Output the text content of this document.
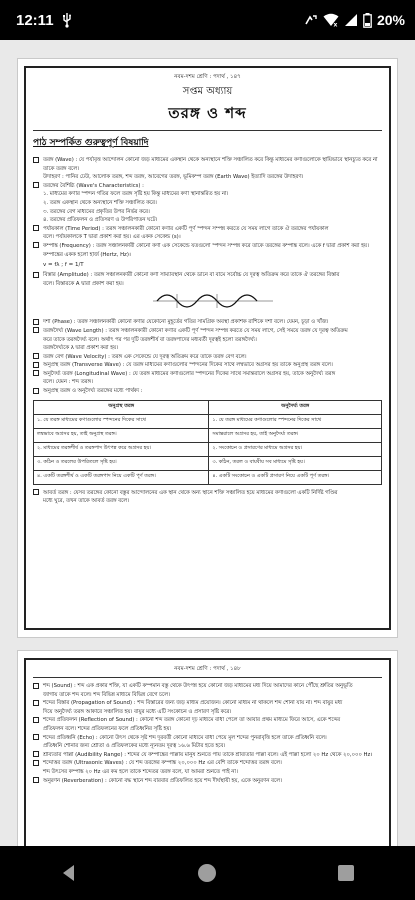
12:11	x	20%
নবম-দশম শ্রেণি : পদার্থ , ১৪৭
সপ্তম অধ্যায়
তরঙ্গ ও শব্দ
পাঠ সম্পর্কিত গুরুত্বপূর্ণ বিষয়াদি
তরঙ্গ (Wave) : যে পর্যাবৃত্ত আন্দোলন কোনো জড় মাধ্যমের একস্থান থেকে অন্যস্থানে শক্তি সঞ্চালিত করে কিন্তু মাধ্যমের কণাগুলোকে স্থায়িভাবে স্থানচ্যুত করে না
তাকে তরঙ্গ বলে।
উদাহরণ : পানির ঢেউ, আলোক তরঙ্গ, শব্দ তরঙ্গ, আবেগের তরঙ্গ, ভূমিকম্প তরঙ্গ (Earth Wave) ইত্যাদি তরঙ্গের উদাহরণ।
তরঙ্গের বৈশিষ্ট্য (Wave's Characteristics) :
১. মাধ্যমের কণার স্পন্দন গতির ফলে তরঙ্গ সৃষ্টি হয় কিন্তু মাধ্যমের কণা স্থানান্তরিত হয় না।
২. তরঙ্গ একস্থান থেকে অন্যস্থানে শক্তি সঞ্চালিত করে।
৩. তরঙ্গের বেগ মাধ্যমের প্রকৃতির উপর নির্ভর করে।
৪. তরঙ্গের প্রতিফলন ও প্রতিসরণ ও উপরিপাতন ঘটে।
পর্যায়কাল (Time Period) : তরঙ্গ সঞ্চালনকারী কোনো কণার একটি পূর্ণ স্পন্দন সম্পন্ন করতে যে সময় লাগে তাকে ঐ তরঙ্গের পর্যায়কাল
বলে। পর্যায়কালকে T দ্বারা প্রকাশ করা হয়। এর একক সেকেন্ড (s)।
কম্পাঙ্ক (Frequency) : তরঙ্গ সঞ্চালনকারী কোনো কণা এক সেকেন্ডে যতগুলো স্পন্দন সম্পন্ন করে তাকে তরঙ্গের কম্পাঙ্ক বলে। একে f দ্বারা প্রকাশ করা হয়।
কম্পাঙ্কের একক হলো হার্জ (Hertz, Hz)।
v = fλ ; f = 1/T
বিস্তার (Amplitude) : তরঙ্গ সঞ্চালনকারী কোনো কণা সাম্যাবস্থান থেকে ডানে বা বামে সর্বোচ্চ যে দূরত্ব অতিক্রম করে তাকে ঐ তরঙ্গের বিস্তার
বলে। বিস্তারকে A দ্বারা প্রকাশ করা হয়।
দশা (Phase) : তরঙ্গ সঞ্চালনকারী কোনো কণার যেকোনো মুহূর্তের গতির সামগ্রিক অবস্থা প্রকাশক রাশিকে দশা বলে। যেমন, চূড়া ও খাঁজ।
তরঙ্গদৈর্ঘ্য (Wave Length) : তরঙ্গ সঞ্চালনকারী কোনো কণার একটি পূর্ণ স্পন্দন সম্পন্ন করতে যে সময় লাগে, সেই সময়ে তরঙ্গ যে দূরত্ব অতিক্রম
করে তাকে তরঙ্গদৈর্ঘ্য বলে। অর্থাৎ পর পর দুটি তরঙ্গশীর্ষ বা তরঙ্গপাদের মধ্যবর্তী দূরত্বই হলো তরঙ্গদৈর্ঘ্য।
তরঙ্গদৈর্ঘ্যকে λ দ্বারা প্রকাশ করা হয়।
তরঙ্গ বেগ (Wave Velocity) : তরঙ্গ এক সেকেন্ডে যে দূরত্ব অতিক্রম করে তাকে তরঙ্গ বেগ বলে।
অনুপ্রস্থ তরঙ্গ (Transverse Wave) : যে তরঙ্গ মাধ্যমের কণাগুলোর স্পন্দনের দিকের সাথে লম্বভাবে অগ্রসর হয় তাকে অনুপ্রস্থ তরঙ্গ বলে।
অনুদৈর্ঘ্য তরঙ্গ (Longitudinal Wave) : যে তরঙ্গ মাধ্যমের কণাগুলোর স্পন্দনের দিকের সাথে সমান্তরালে অগ্রসর হয়, তাকে অনুদৈর্ঘ্য তরঙ্গ
বলে। যেমন : শব্দ তরঙ্গ।
অনুপ্রস্থ তরঙ্গ ও অনুদৈর্ঘ্য তরঙ্গের মধ্যে পার্থক্য :
অনুপ্রস্থ তরঙ্গ	অনুদৈর্ঘ্য তরঙ্গ
১. যে তরঙ্গ মাধ্যমের কণাগুলোর স্পন্দনের দিকের সাথে	১. যে তরঙ্গ মাধ্যমের কণাগুলোর স্পন্দনের দিকের সাথে
লম্বভাবে অগ্রসর হয়, তাই অনুপ্রস্থ তরঙ্গ।	সমান্তরালে অগ্রসর হয়, তাই অনুদৈর্ঘ্য তরঙ্গ।
২. মাধ্যমের তরঙ্গশীর্ষ ও তরঙ্গপাদ উৎপন্ন করে অগ্রসর হয়।	২. সংকোচন ও প্রসারণের মাধ্যমে অগ্রসর হয়।
৩. কঠিন ও তরলের উপরিতলে সৃষ্টি হয়।	৩. কঠিন, তরল ও বায়বীয় সব মাধ্যমে সৃষ্টি হয়।
৪. একটি তরঙ্গশীর্ষ ও একটি তরঙ্গপাদ নিয়ে একটি পূর্ণ তরঙ্গ।	৪. একটি সংকোচন ও একটি প্রসারণ নিয়ে একটি পূর্ণ তরঙ্গ।
আবর্ত তরঙ্গ : যেসব তরঙ্গের কোনো বস্তুর আন্দোলনের এক স্থান থেকে অন্য স্থানে শক্তি সঞ্চালিত হয়ে মাধ্যমের কণাগুলো একটি নির্দিষ্ট গণ্ডির
মধ্যে ঘুরে, তখন তাকে আবর্ত তরঙ্গ বলে।
নবম-দশম শ্রেণি : পদার্থ , ১৪৮
শব্দ (Sound) : শব্দ এক প্রকার শক্তি, যা একটি কম্পমান বস্তু থেকে উৎপন্ন হয়ে কোনো জড় মাধ্যমের মধ্য দিয়ে আমাদের কানে পৌঁছে শ্রুতির অনুভূতি
জাগায় তাকে শব্দ বলে। শব্দ বিভিন্ন মাধ্যমে বিভিন্ন বেগে চলে।
শব্দের বিস্তার (Propagation of Sound) : শব্দ বিস্তারের জন্য জড় মাধ্যম প্রয়োজন। কোনো মাধ্যম না থাকলে শব্দ শোনা যায় না। শব্দ বায়ুর মধ্য
দিয়ে অনুদৈর্ঘ্য তরঙ্গ আকারে সঞ্চালিত হয়। বায়ুর মধ্যে এটি সংকোচন ও প্রসারণ সৃষ্টি করে।
শব্দের প্রতিফলন (Reflection of Sound) : কোনো শব্দ তরঙ্গ কোনো দৃঢ় মাধ্যমে বাধা পেলে তা আবার প্রথম মাধ্যমে ফিরে আসে, একে শব্দের
প্রতিফলন বলে। শব্দের প্রতিফলনের ফলে প্রতিধ্বনির সৃষ্টি হয়।
শব্দের প্রতিধ্বনি (Echo) : কোনো উৎস থেকে সৃষ্ট শব্দ দূরবর্তী কোনো মাধ্যমে বাধা পেয়ে মূল শব্দের পুনরাবৃত্তি হলে তাকে প্রতিধ্বনি বলে।
প্রতিধ্বনি শোনার জন্য শ্রোতা ও প্রতিফলকের মধ্যে ন্যূনতম দূরত্ব ১৬.৬ মিটার হতে হবে।
শ্রাব্যতার পাল্লা (Audibility Range) : শব্দের যে কম্পাঙ্কের পাল্লায় মানুষ শুনতে পায় তাকে শ্রাব্যতার পাল্লা বলে। এই পাল্লা হলো ২০ Hz থেকে ২০,০০০ Hz।
শব্দোত্তর তরঙ্গ (Ultrasonic Waves) : যে শব্দ তরঙ্গের কম্পাঙ্ক ২০,০০০ Hz এর বেশি তাকে শব্দোত্তর তরঙ্গ বলে।
শব্দ উৎসের কম্পাঙ্ক ২০ Hz এর কম হলে তাকে শব্দেতর তরঙ্গ বলে, যা আমরা শুনতে পাই না।
অনুরণন (Reverberation) : কোনো বদ্ধ স্থানে শব্দ বারবার প্রতিফলিত হয়ে শব্দ দীর্ঘস্থায়ী হয়, একে অনুরণন বলে।
